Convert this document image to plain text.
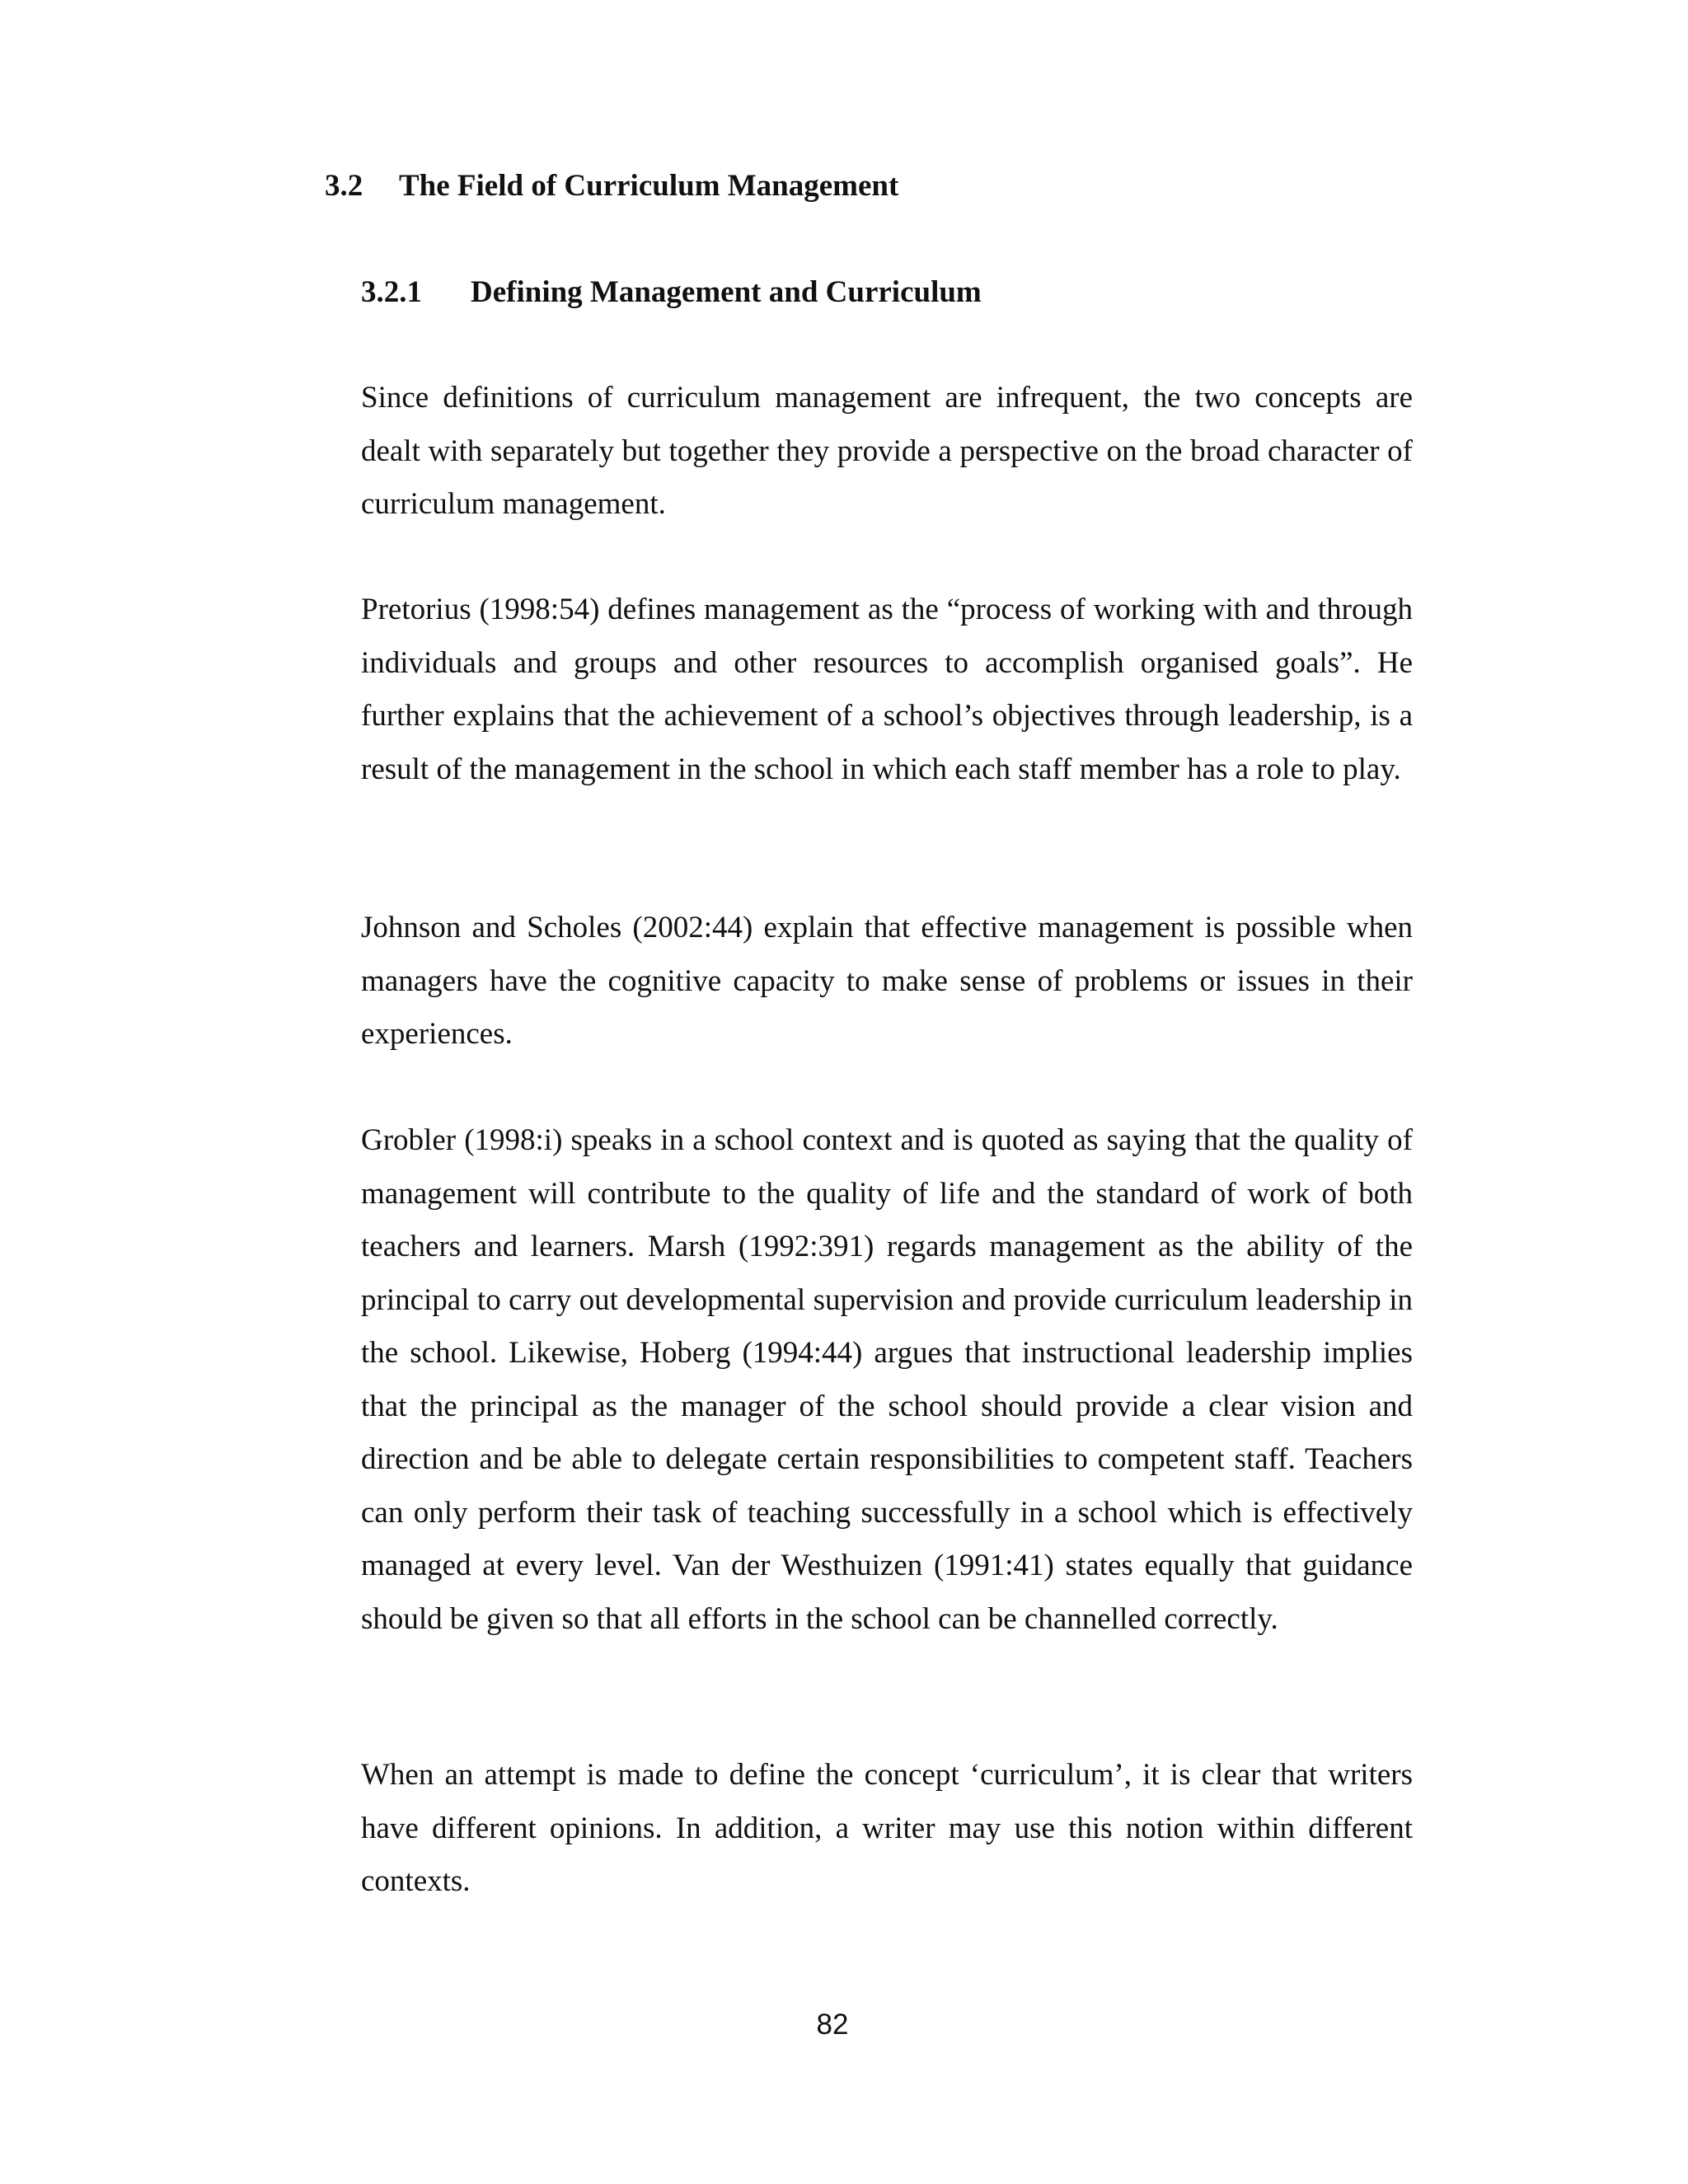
3.2 The Field of Curriculum Management
3.2.1 Defining Management and Curriculum

Since definitions of curriculum management are infrequent, the two concepts are dealt with separately but together they provide a perspective on the broad character of curriculum management.

Pretorius (1998:54) defines management as the “process of working with and through individuals and groups and other resources to accomplish organised goals”. He further explains that the achievement of a school’s objectives through leadership, is a result of the management in the school in which each staff member has a role to play.

Johnson and Scholes (2002:44) explain that effective management is possible when managers have the cognitive capacity to make sense of problems or issues in their experiences.

Grobler (1998:i) speaks in a school context and is quoted as saying that the quality of management will contribute to the quality of life and the standard of work of both teachers and learners. Marsh (1992:391) regards management as the ability of the principal to carry out developmental supervision and provide curriculum leadership in the school. Likewise, Hoberg (1994:44) argues that instructional leadership implies that the principal as the manager of the school should provide a clear vision and direction and be able to delegate certain responsibilities to competent staff. Teachers can only perform their task of teaching successfully in a school which is effectively managed at every level. Van der Westhuizen (1991:41) states equally that guidance should be given so that all efforts in the school can be channelled correctly.

When an attempt is made to define the concept ‘curriculum’, it is clear that writers have different opinions. In addition, a writer may use this notion within different contexts.

82
